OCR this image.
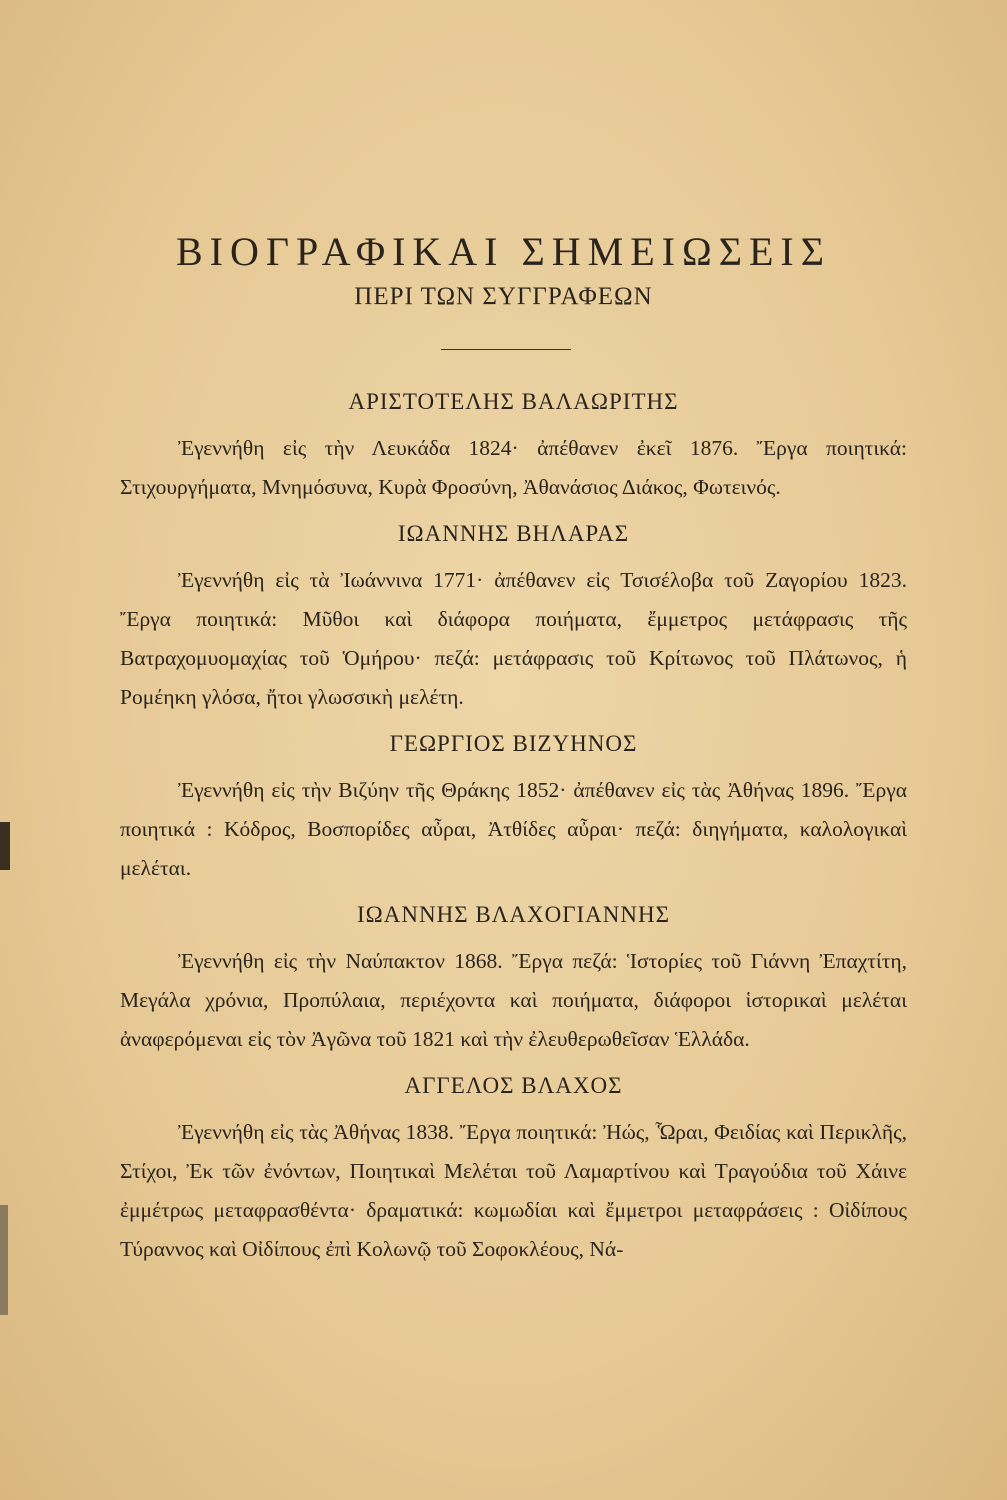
ΒΙΟΓΡΑΦΙΚΑΙ ΣΗΜΕΙΩΣΕΙΣ
ΠΕΡΙ ΤΩΝ ΣΥΓΓΡΑΦΕΩΝ
ΑΡΙΣΤΟΤΕΛΗΣ ΒΑΛΑΩΡΙΤΗΣ
Ἐγεννήθη εἰς τὴν Λευκάδα 1824· ἀπέθανεν ἐκεῖ 1876. Ἔργα ποιητικά: Στιχουργήματα, Μνημόσυνα, Κυρὰ Φροσύνη, Ἀθανάσιος Διάκος, Φωτεινός.
ΙΩΑΝΝΗΣ ΒΗΛΑΡΑΣ
Ἐγεννήθη εἰς τὰ Ἰωάννινα 1771· ἀπέθανεν εἰς Τσισέλοβα τοῦ Ζαγορίου 1823. Ἔργα ποιητικά: Μῦθοι καὶ διάφορα ποιήματα, ἔμμετρος μετάφρασις τῆς Βατραχομυομαχίας τοῦ Ὁμήρου· πεζά: μετάφρασις τοῦ Κρίτωνος τοῦ Πλάτωνος, ἡ Ρομέηκη γλόσα, ἤτοι γλωσσικὴ μελέτη.
ΓΕΩΡΓΙΟΣ ΒΙΖΥΗΝΟΣ
Ἐγεννήθη εἰς τὴν Βιζύην τῆς Θράκης 1852· ἀπέθανεν εἰς τὰς Ἀθήνας 1896. Ἔργα ποιητικά : Κόδρος, Βοσπορίδες αὖραι, Ἀτθίδες αὖραι· πεζά: διηγήματα, καλολογικαὶ μελέται.
ΙΩΑΝΝΗΣ ΒΛΑΧΟΓΙΑΝΝΗΣ
Ἐγεννήθη εἰς τὴν Ναύπακτον 1868. Ἔργα πεζά: Ἱστορίες τοῦ Γιάννη Ἐπαχτίτη, Μεγάλα χρόνια, Προπύλαια, περιέχοντα καὶ ποιήματα, διάφοροι ἱστορικαὶ μελέται ἀναφερόμεναι εἰς τὸν Ἀγῶνα τοῦ 1821 καὶ τὴν ἐλευθερωθεῖσαν Ἑλλάδα.
ΑΓΓΕΛΟΣ ΒΛΑΧΟΣ
Ἐγεννήθη εἰς τὰς Ἀθήνας 1838. Ἔργα ποιητικά: Ἠώς, Ὧραι, Φειδίας καὶ Περικλῆς, Στίχοι, Ἐκ τῶν ἐνόντων, Ποιητικαὶ Μελέται τοῦ Λαμαρτίνου καὶ Τραγούδια τοῦ Χάινε ἐμμέτρως μεταφρασθέντα· δραματικά: κωμωδίαι καὶ ἔμμετροι μεταφράσεις : Οἰδίπους Τύραννος καὶ Οἰδίπους ἐπὶ Κολωνῷ τοῦ Σοφοκλέους, Νά-
